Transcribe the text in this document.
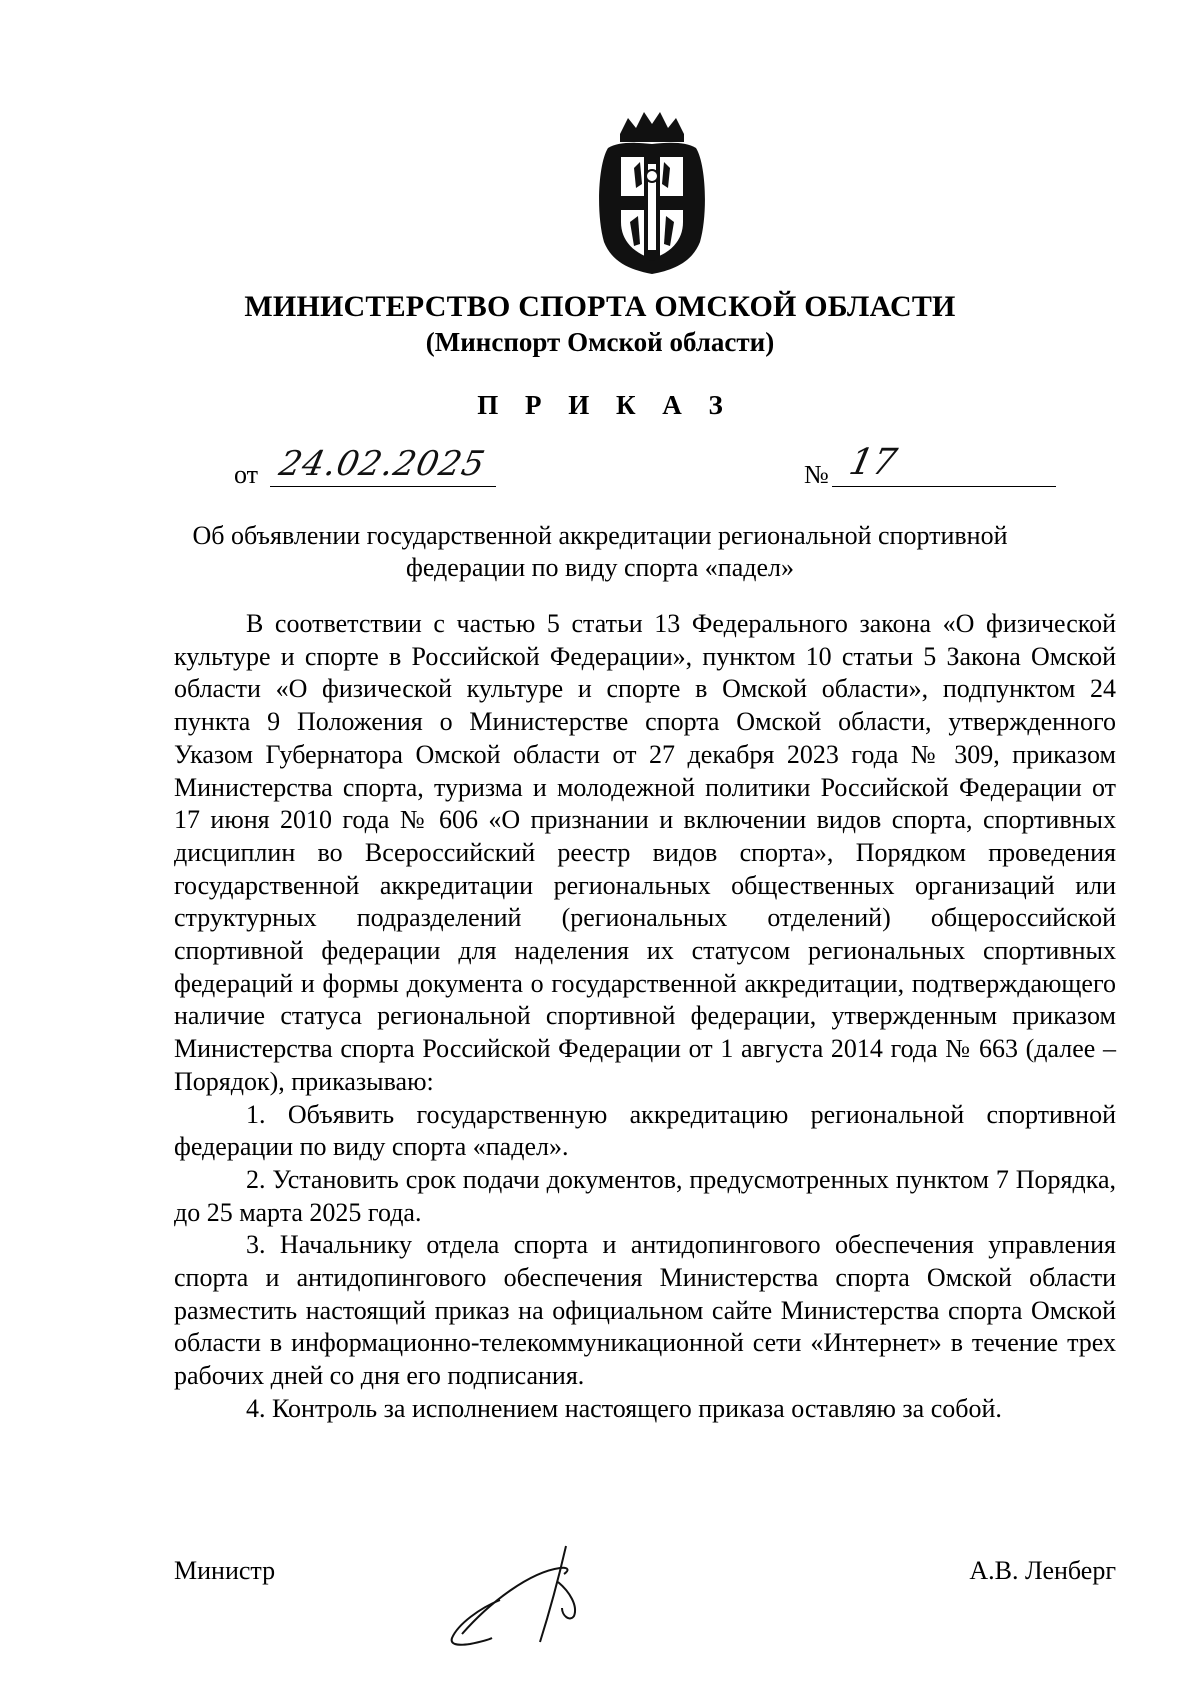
МИНИСТЕРСТВО СПОРТА ОМСКОЙ ОБЛАСТИ
(Минспорт Омской области)
П Р И К А З
от 24.02.2025	№ 17
Об объявлении государственной аккредитации региональной спортивной федерации по виду спорта «падел»

В соответствии с частью 5 статьи 13 Федерального закона «О физической культуре и спорте в Российской Федерации», пунктом 10 статьи 5 Закона Омской области «О физической культуре и спорте в Омской области», подпунктом 24 пункта 9 Положения о Министерстве спорта Омской области, утвержденного Указом Губернатора Омской области от 27 декабря 2023 года № 309, приказом Министерства спорта, туризма и молодежной политики Российской Федерации от 17 июня 2010 года № 606 «О признании и включении видов спорта, спортивных дисциплин во Всероссийский реестр видов спорта», Порядком проведения государственной аккредитации региональных общественных организаций или структурных подразделений (региональных отделений) общероссийской спортивной федерации для наделения их статусом региональных спортивных федераций и формы документа о государственной аккредитации, подтверждающего наличие статуса региональной спортивной федерации, утвержденным приказом Министерства спорта Российской Федерации от 1 августа 2014 года № 663 (далее – Порядок), приказываю:

1. Объявить государственную аккредитацию региональной спортивной федерации по виду спорта «падел».

2. Установить срок подачи документов, предусмотренных пунктом 7 Порядка, до 25 марта 2025 года.

3. Начальнику отдела спорта и антидопингового обеспечения управления спорта и антидопингового обеспечения Министерства спорта Омской области разместить настоящий приказ на официальном сайте Министерства спорта Омской области в информационно-телекоммуникационной сети «Интернет» в течение трех рабочих дней со дня его подписания.

4. Контроль за исполнением настоящего приказа оставляю за собой.

Министр	А.В. Ленберг
